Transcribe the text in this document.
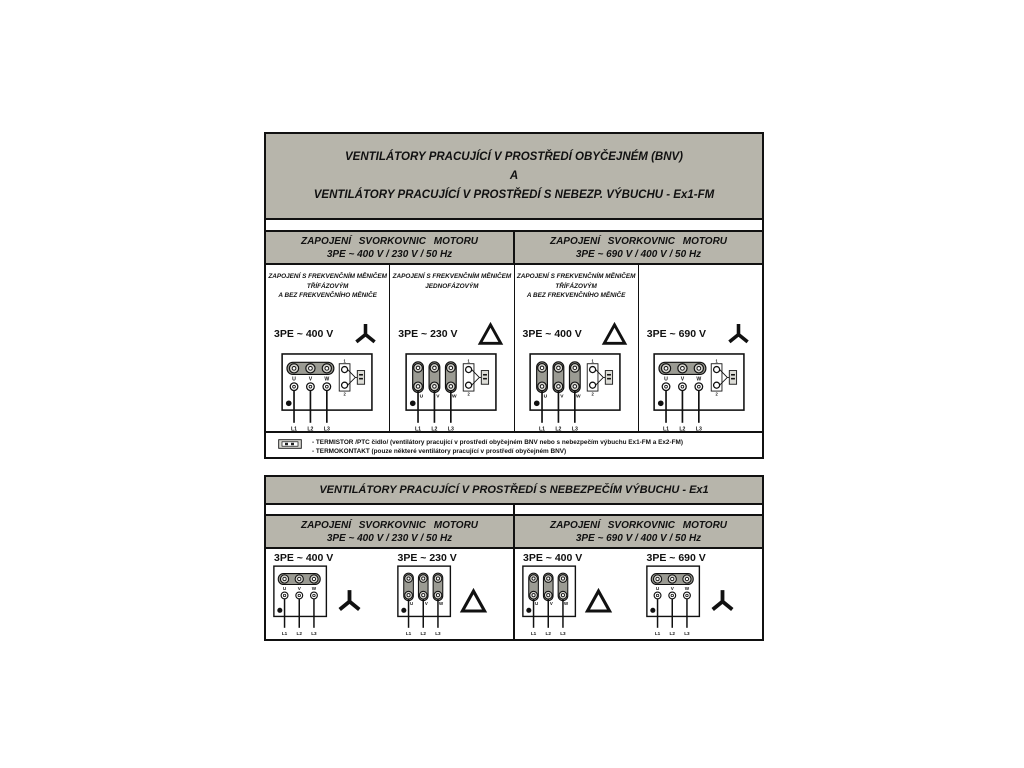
VENTILÁTORY PRACUJÍCÍ V PROSTŘEDÍ OBYČEJNÉM (BNV)
A
VENTILÁTORY PRACUJÍCÍ V PROSTŘEDÍ S NEBEZP. VÝBUCHU - Ex1-FM
ZAPOJENÍ SVORKOVNIC MOTORU
3PE ~ 400 V / 230 V / 50 Hz
ZAPOJENÍ SVORKOVNIC MOTORU
3PE ~ 690 V / 400 V / 50 Hz
ZAPOJENÍ S FREKVENČNÍM MĚNIČEM
TŘÍFÁZOVÝM
A BEZ FREKVENČNÍHO MĚNIČE
3PE ~ 400 V
ZAPOJENÍ S FREKVENČNÍM MĚNIČEM
JEDNOFÁZOVÝM
3PE ~ 230 V
ZAPOJENÍ S FREKVENČNÍM MĚNIČEM
TŘÍFÁZOVÝM
A BEZ FREKVENČNÍHO MĚNIČE
3PE ~ 400 V	3PE ~ 690 V
- TERMISTOR /PTC čidlo/ (ventilátory pracující v prostředí obyčejném BNV nebo s nebezpečím výbuchu Ex1-FM a Ex2-FM)
- TERMOKONTAKT (pouze některé ventilátory pracující v prostředí obyčejném BNV)
VENTILÁTORY PRACUJÍCÍ V PROSTŘEDÍ S NEBEZPEČÍM VÝBUCHU - Ex1
ZAPOJENÍ SVORKOVNIC MOTORU
3PE ~ 400 V / 230 V / 50 Hz
ZAPOJENÍ SVORKOVNIC MOTORU
3PE ~ 690 V / 400 V / 50 Hz
3PE ~ 400 V	3PE ~ 230 V	3PE ~ 400 V	3PE ~ 690 V
